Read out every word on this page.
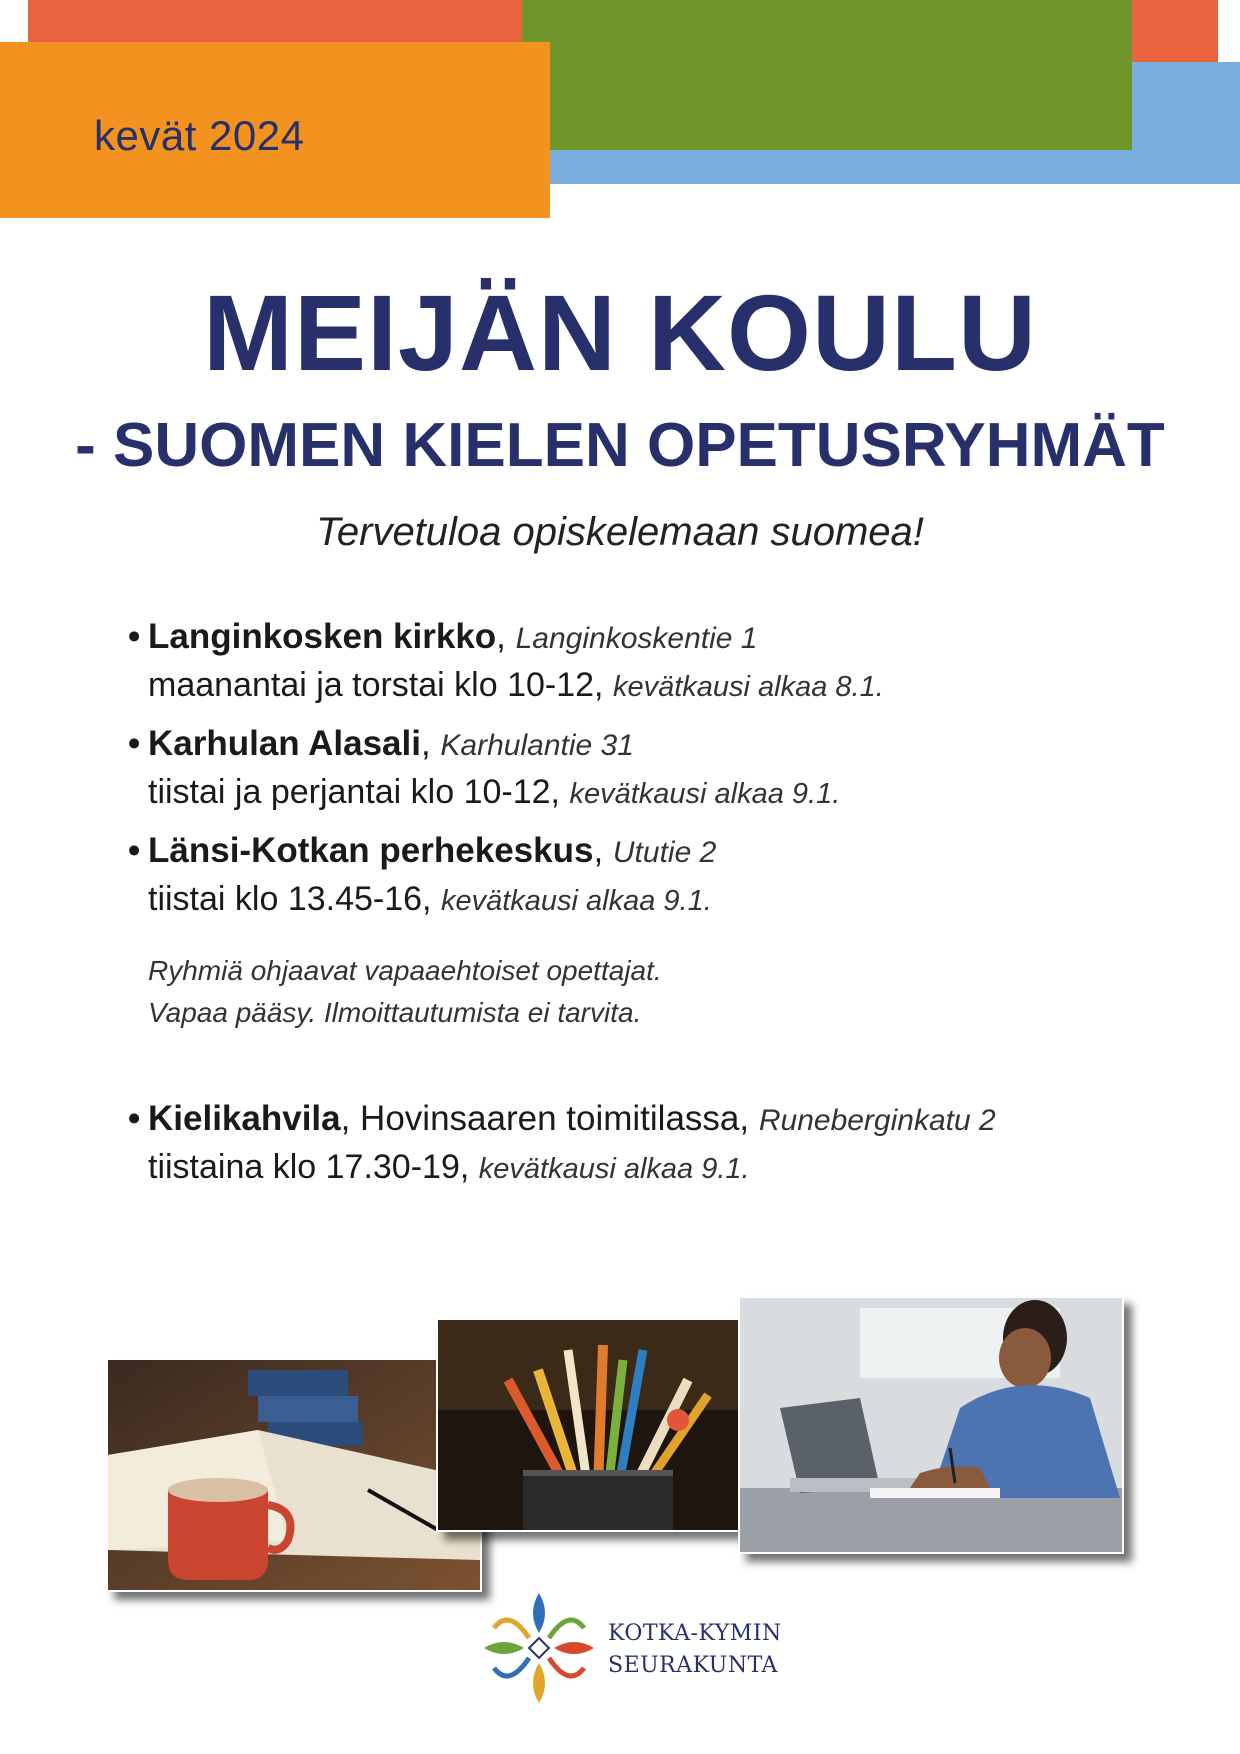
kevät 2024
MEIJÄN KOULU
- SUOMEN KIELEN OPETUSRYHMÄT
Tervetuloa opiskelemaan suomea!
• Langinkosken kirkko, Langinkoskentie 1
maanantai ja torstai klo 10-12, kevätkausi alkaa 8.1.
• Karhulan Alasali, Karhulantie 31
tiistai ja perjantai klo 10-12, kevätkausi alkaa 9.1.
• Länsi-Kotkan perhekeskus, Ututie 2
tiistai klo 13.45-16, kevätkausi alkaa 9.1.
Ryhmiä ohjaavat vapaaehtoiset opettajat.
Vapaa pääsy. Ilmoittautumista ei tarvita.
• Kielikahvila, Hovinsaaren toimitilassa, Runeberginkatu 2
tiistaina klo 17.30-19, kevätkausi alkaa 9.1.
KOTKA-KYMIN
SEURAKUNTA
